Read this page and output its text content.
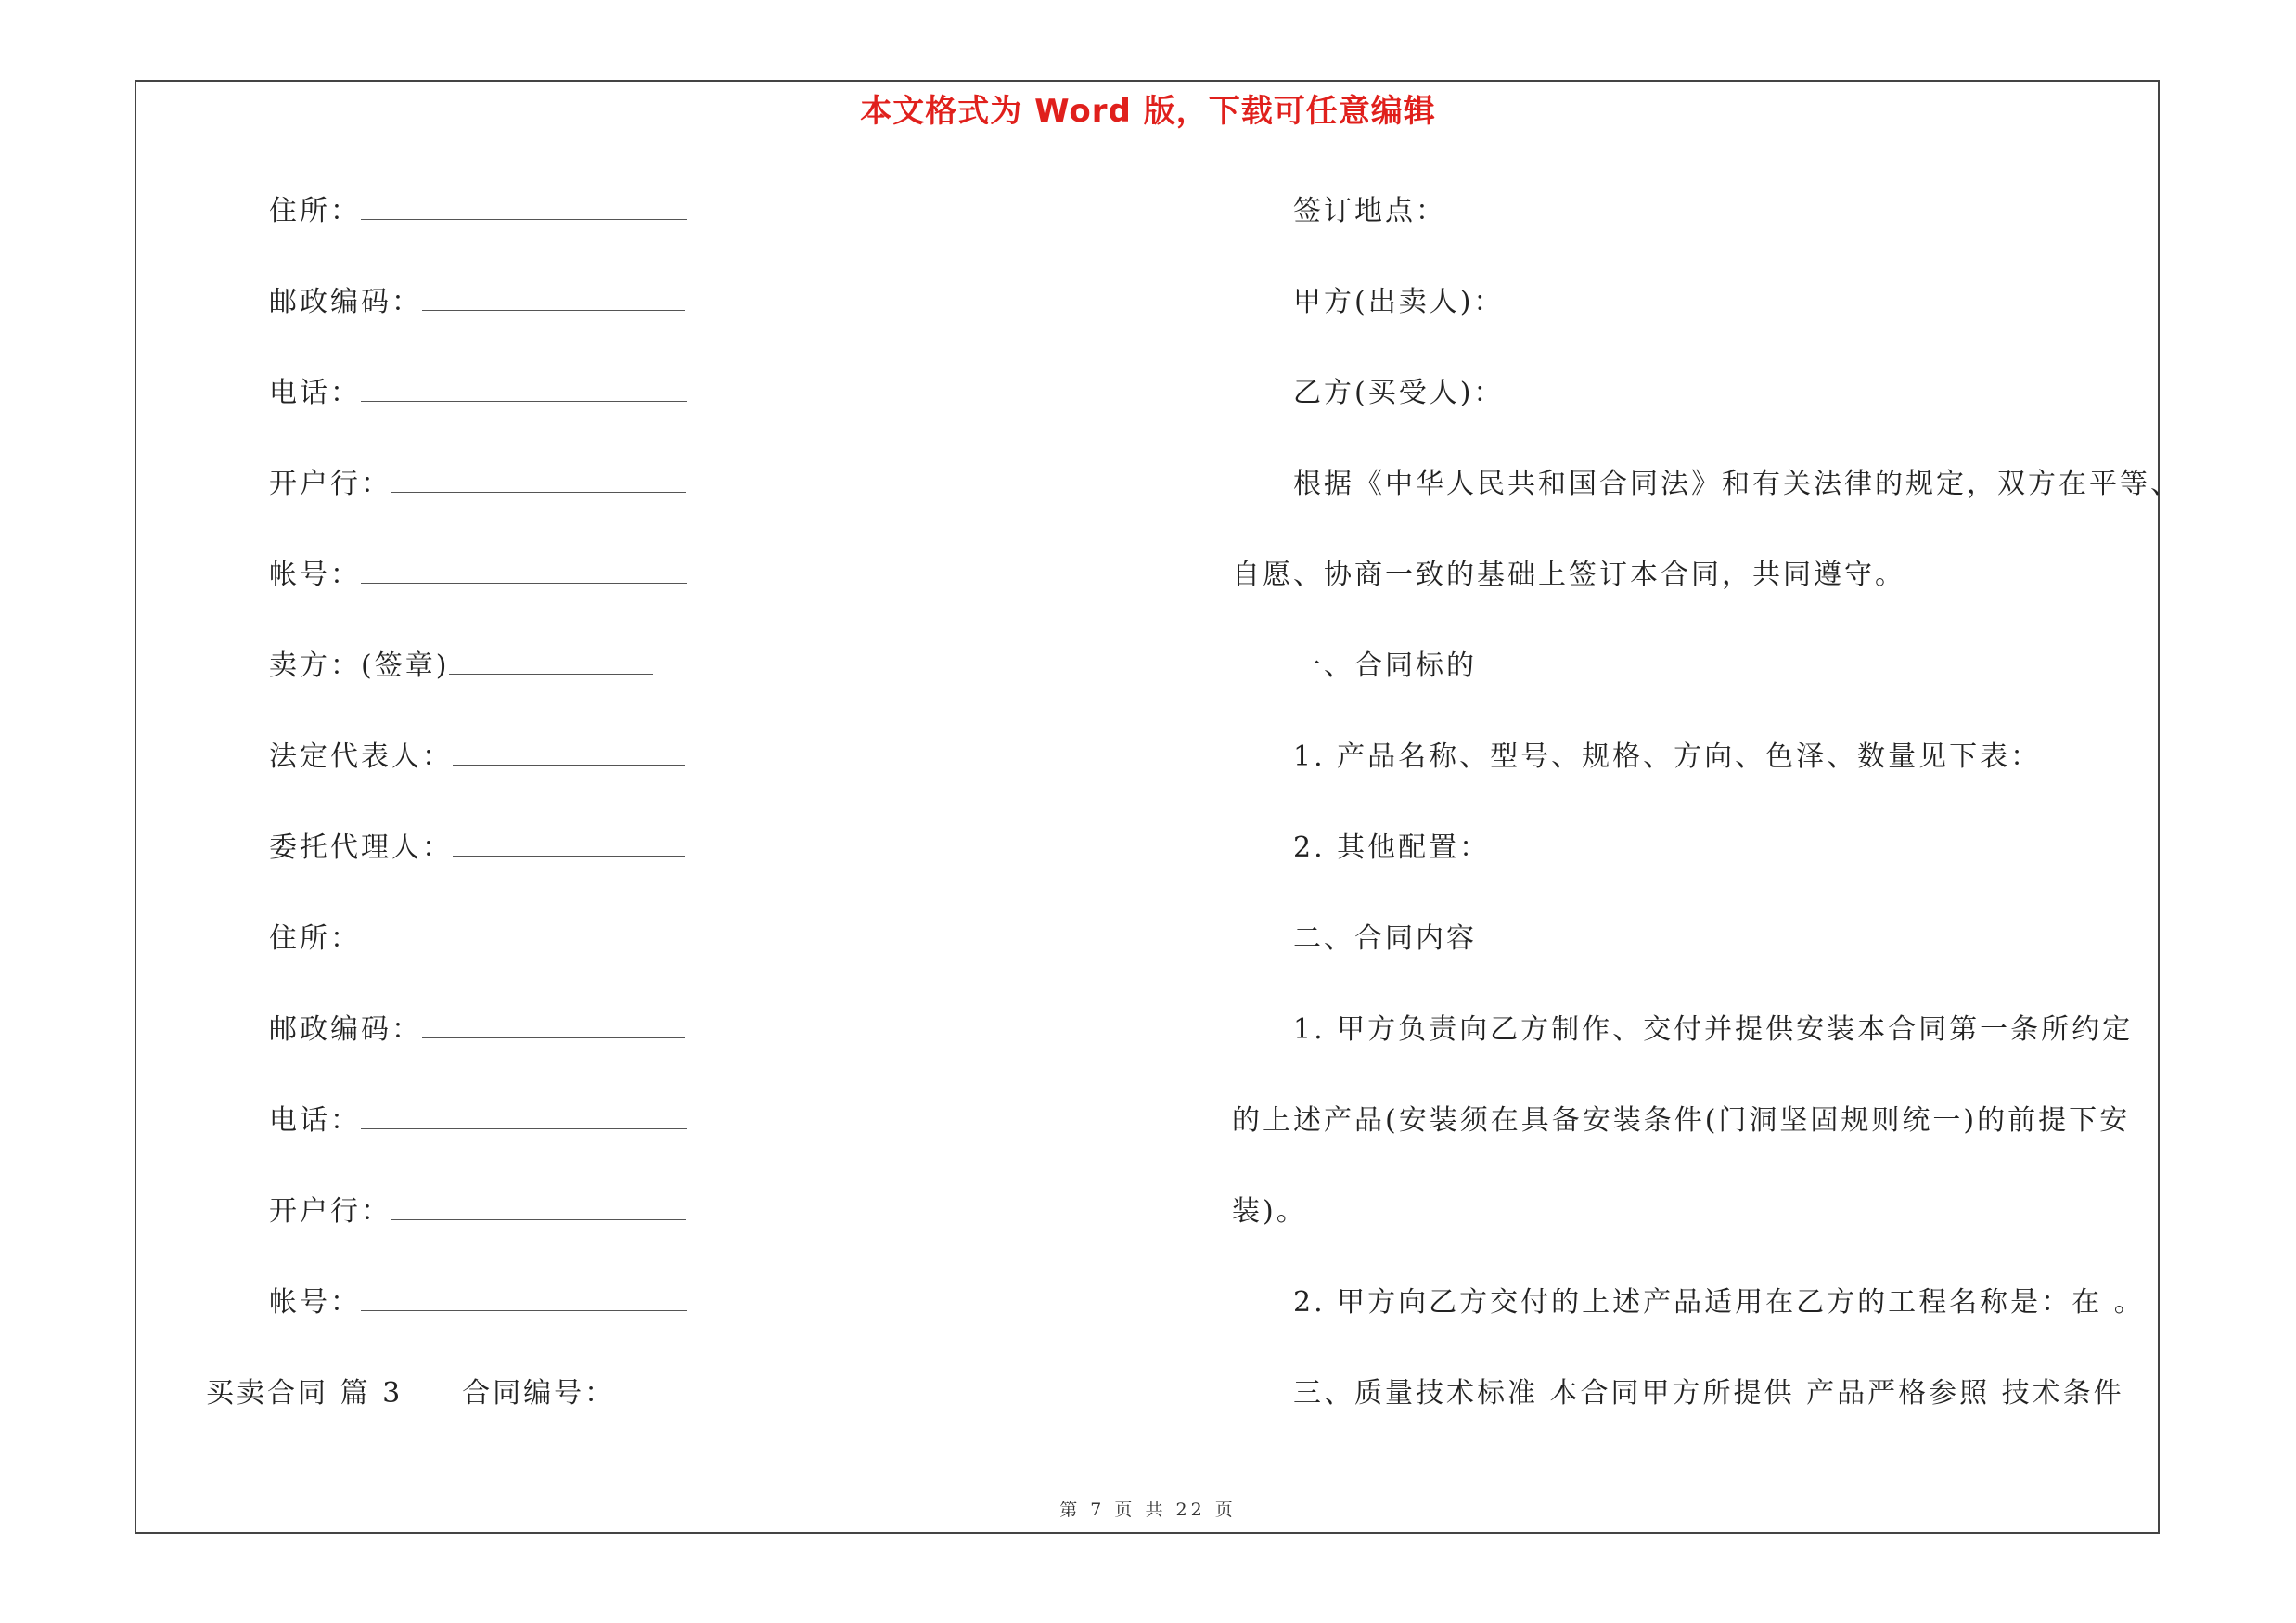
本文格式为 Word 版，下载可任意编辑
住所：
邮政编码：
电话：
开户行：
帐号：
卖方：(签章)
法定代表人：
委托代理人：
住所：
邮政编码：
电话：
开户行：
帐号：
买卖合同 篇 3 合同编号：
签订地点：
甲方(出卖人)：
乙方(买受人)：
根据《中华人民共和国合同法》和有关法律的规定，双方在平等、
自愿、协商一致的基础上签订本合同，共同遵守。
一、合同标的
1. 产品名称、型号、规格、方向、色泽、数量见下表：
2. 其他配置：
二、合同内容
1. 甲方负责向乙方制作、交付并提供安装本合同第一条所约定
的上述产品(安装须在具备安装条件(门洞坚固规则统一)的前提下安
装)。
2. 甲方向乙方交付的上述产品适用在乙方的工程名称是：在 。
三、质量技术标准 本合同甲方所提供 产品严格参照 技术条件
第 7 页 共 22 页
